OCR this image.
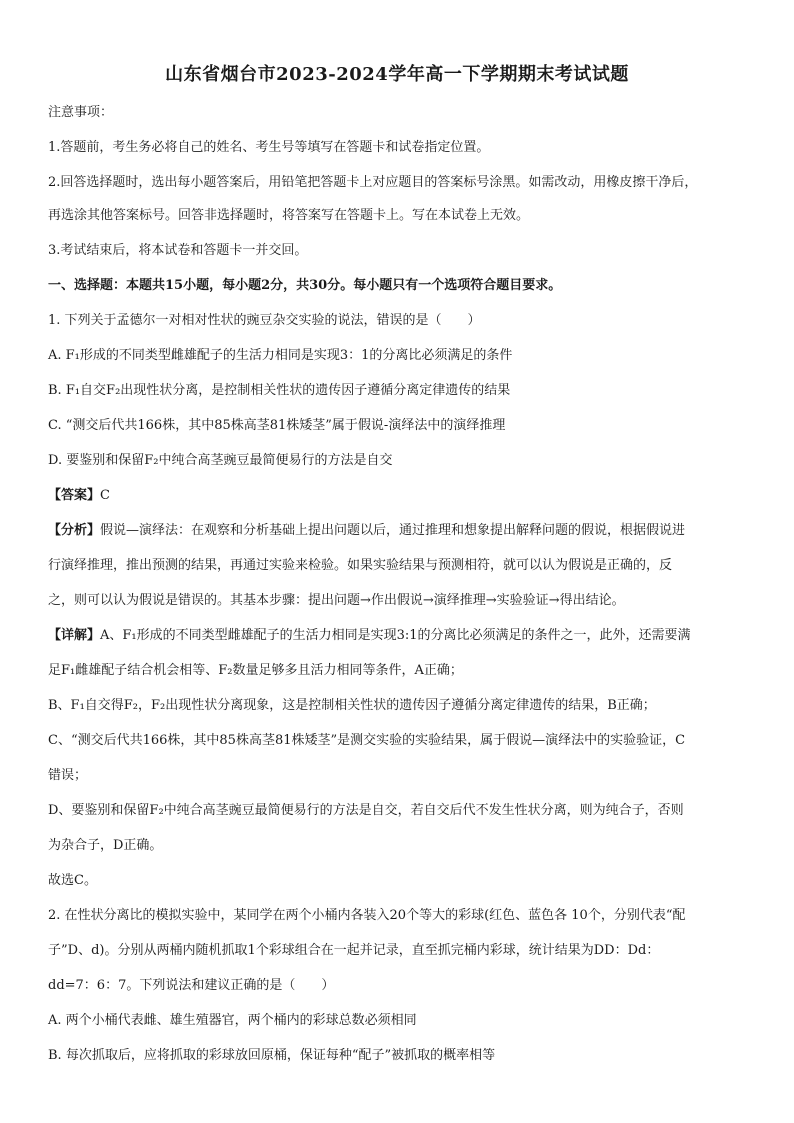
山东省烟台市2023-2024学年高一下学期期末考试试题
注意事项：
1.答题前，考生务必将自己的姓名、考生号等填写在答题卡和试卷指定位置。
2.回答选择题时，选出每小题答案后，用铅笔把答题卡上对应题目的答案标号涂黑。如需改动，用橡皮擦干净后，
再选涂其他答案标号。回答非选择题时，将答案写在答题卡上。写在本试卷上无效。
3.考试结束后，将本试卷和答题卡一并交回。
一、选择题：本题共15小题，每小题2分，共30分。每小题只有一个选项符合题目要求。
1. 下列关于孟德尔一对相对性状的豌豆杂交实验的说法，错误的是（　　）
A. F₁形成的不同类型雌雄配子的生活力相同是实现3：1的分离比必须满足的条件
B. F₁自交F₂出现性状分离，是控制相关性状的遗传因子遵循分离定律遗传的结果
C. “测交后代共166株，其中85株高茎81株矮茎”属于假说-演绎法中的演绎推理
D. 要鉴别和保留F₂中纯合高茎豌豆最简便易行的方法是自交
【答案】C
【分析】假说—演绎法：在观察和分析基础上提出问题以后，通过推理和想象提出解释问题的假说，根据假说进
行演绎推理，推出预测的结果，再通过实验来检验。如果实验结果与预测相符，就可以认为假说是正确的，反
之，则可以认为假说是错误的。其基本步骤：提出问题→作出假说→演绎推理→实验验证→得出结论。
【详解】A、F₁形成的不同类型雌雄配子的生活力相同是实现3:1的分离比必须满足的条件之一，此外，还需要满
足F₁雌雄配子结合机会相等、F₂数量足够多且活力相同等条件，A正确；
B、F₁自交得F₂，F₂出现性状分离现象，这是控制相关性状的遗传因子遵循分离定律遗传的结果，B正确；
C、“测交后代共166株，其中85株高茎81株矮茎”是测交实验的实验结果，属于假说—演绎法中的实验验证，C
错误；
D、要鉴别和保留F₂中纯合高茎豌豆最简便易行的方法是自交，若自交后代不发生性状分离，则为纯合子，否则
为杂合子，D正确。
故选C。
2. 在性状分离比的模拟实验中，某同学在两个小桶内各装入20个等大的彩球(红色、蓝色各 10个，分别代表“配
子”D、d)。分别从两桶内随机抓取1个彩球组合在一起并记录，直至抓完桶内彩球，统计结果为DD：Dd：
dd=7：6：7。下列说法和建议正确的是（　　）
A. 两个小桶代表雌、雄生殖器官，两个桶内的彩球总数必须相同
B. 每次抓取后，应将抓取的彩球放回原桶，保证每种“配子”被抓取的概率相等
